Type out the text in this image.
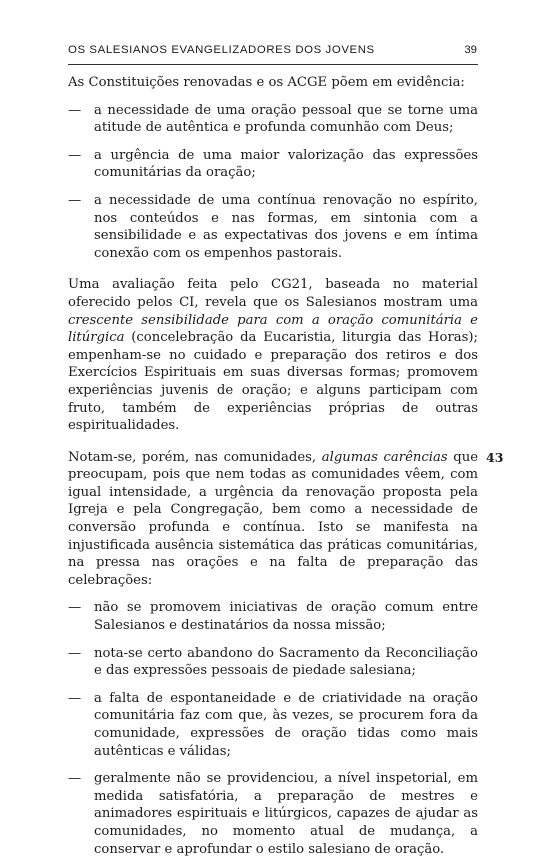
OS SALESIANOS EVANGELIZADORES DOS JOVENS	39

As Constituições renovadas e os ACGE põem em evidência:

— a necessidade de uma oração pessoal que se torne uma atitude de autêntica e profunda comunhão com Deus;

— a urgência de uma maior valorização das expressões comunitárias da oração;

— a necessidade de uma contínua renovação no espírito, nos conteúdos e nas formas, em sintonia com a sensibilidade e as expectativas dos jovens e em íntima conexão com os empenhos pastorais.

Uma avaliação feita pelo CG21, baseada no material oferecido pelos CI, revela que os Salesianos mostram uma crescente sensibilidade para com a oração comunitária e litúrgica (concelebração da Eucaristia, liturgia das Horas); empenham-se no cuidado e preparação dos retiros e dos Exercícios Espirituais em suas diversas formas; promovem experiências juvenis de oração; e alguns participam com fruto, também de experiências próprias de outras espiritualidades.

Notam-se, porém, nas comunidades, algumas carências que preocupam, pois que nem todas as comunidades vêem, com igual intensidade, a urgência da renovação proposta pela Igreja e pela Congregação, bem como a necessidade de conversão profunda e contínua. Isto se manifesta na injustificada ausência sistemática das práticas comunitárias, na pressa nas orações e na falta de preparação das celebrações:

— não se promovem iniciativas de oração comum entre Salesianos e destinatários da nossa missão;

— nota-se certo abandono do Sacramento da Reconciliação e das expressões pessoais de piedade salesiana;

— a falta de espontaneidade e de criatividade na oração comunitária faz com que, às vezes, se procurem fora da comunidade, expressões de oração tidas como mais autênticas e válidas;

— geralmente não se providenciou, a nível inspetorial, em medida satisfatória, a preparação de mestres e animadores espirituais e litúrgicos, capazes de ajudar as comunidades, no momento atual de mudança, a conservar e aprofundar o estilo salesiano de oração.

43
